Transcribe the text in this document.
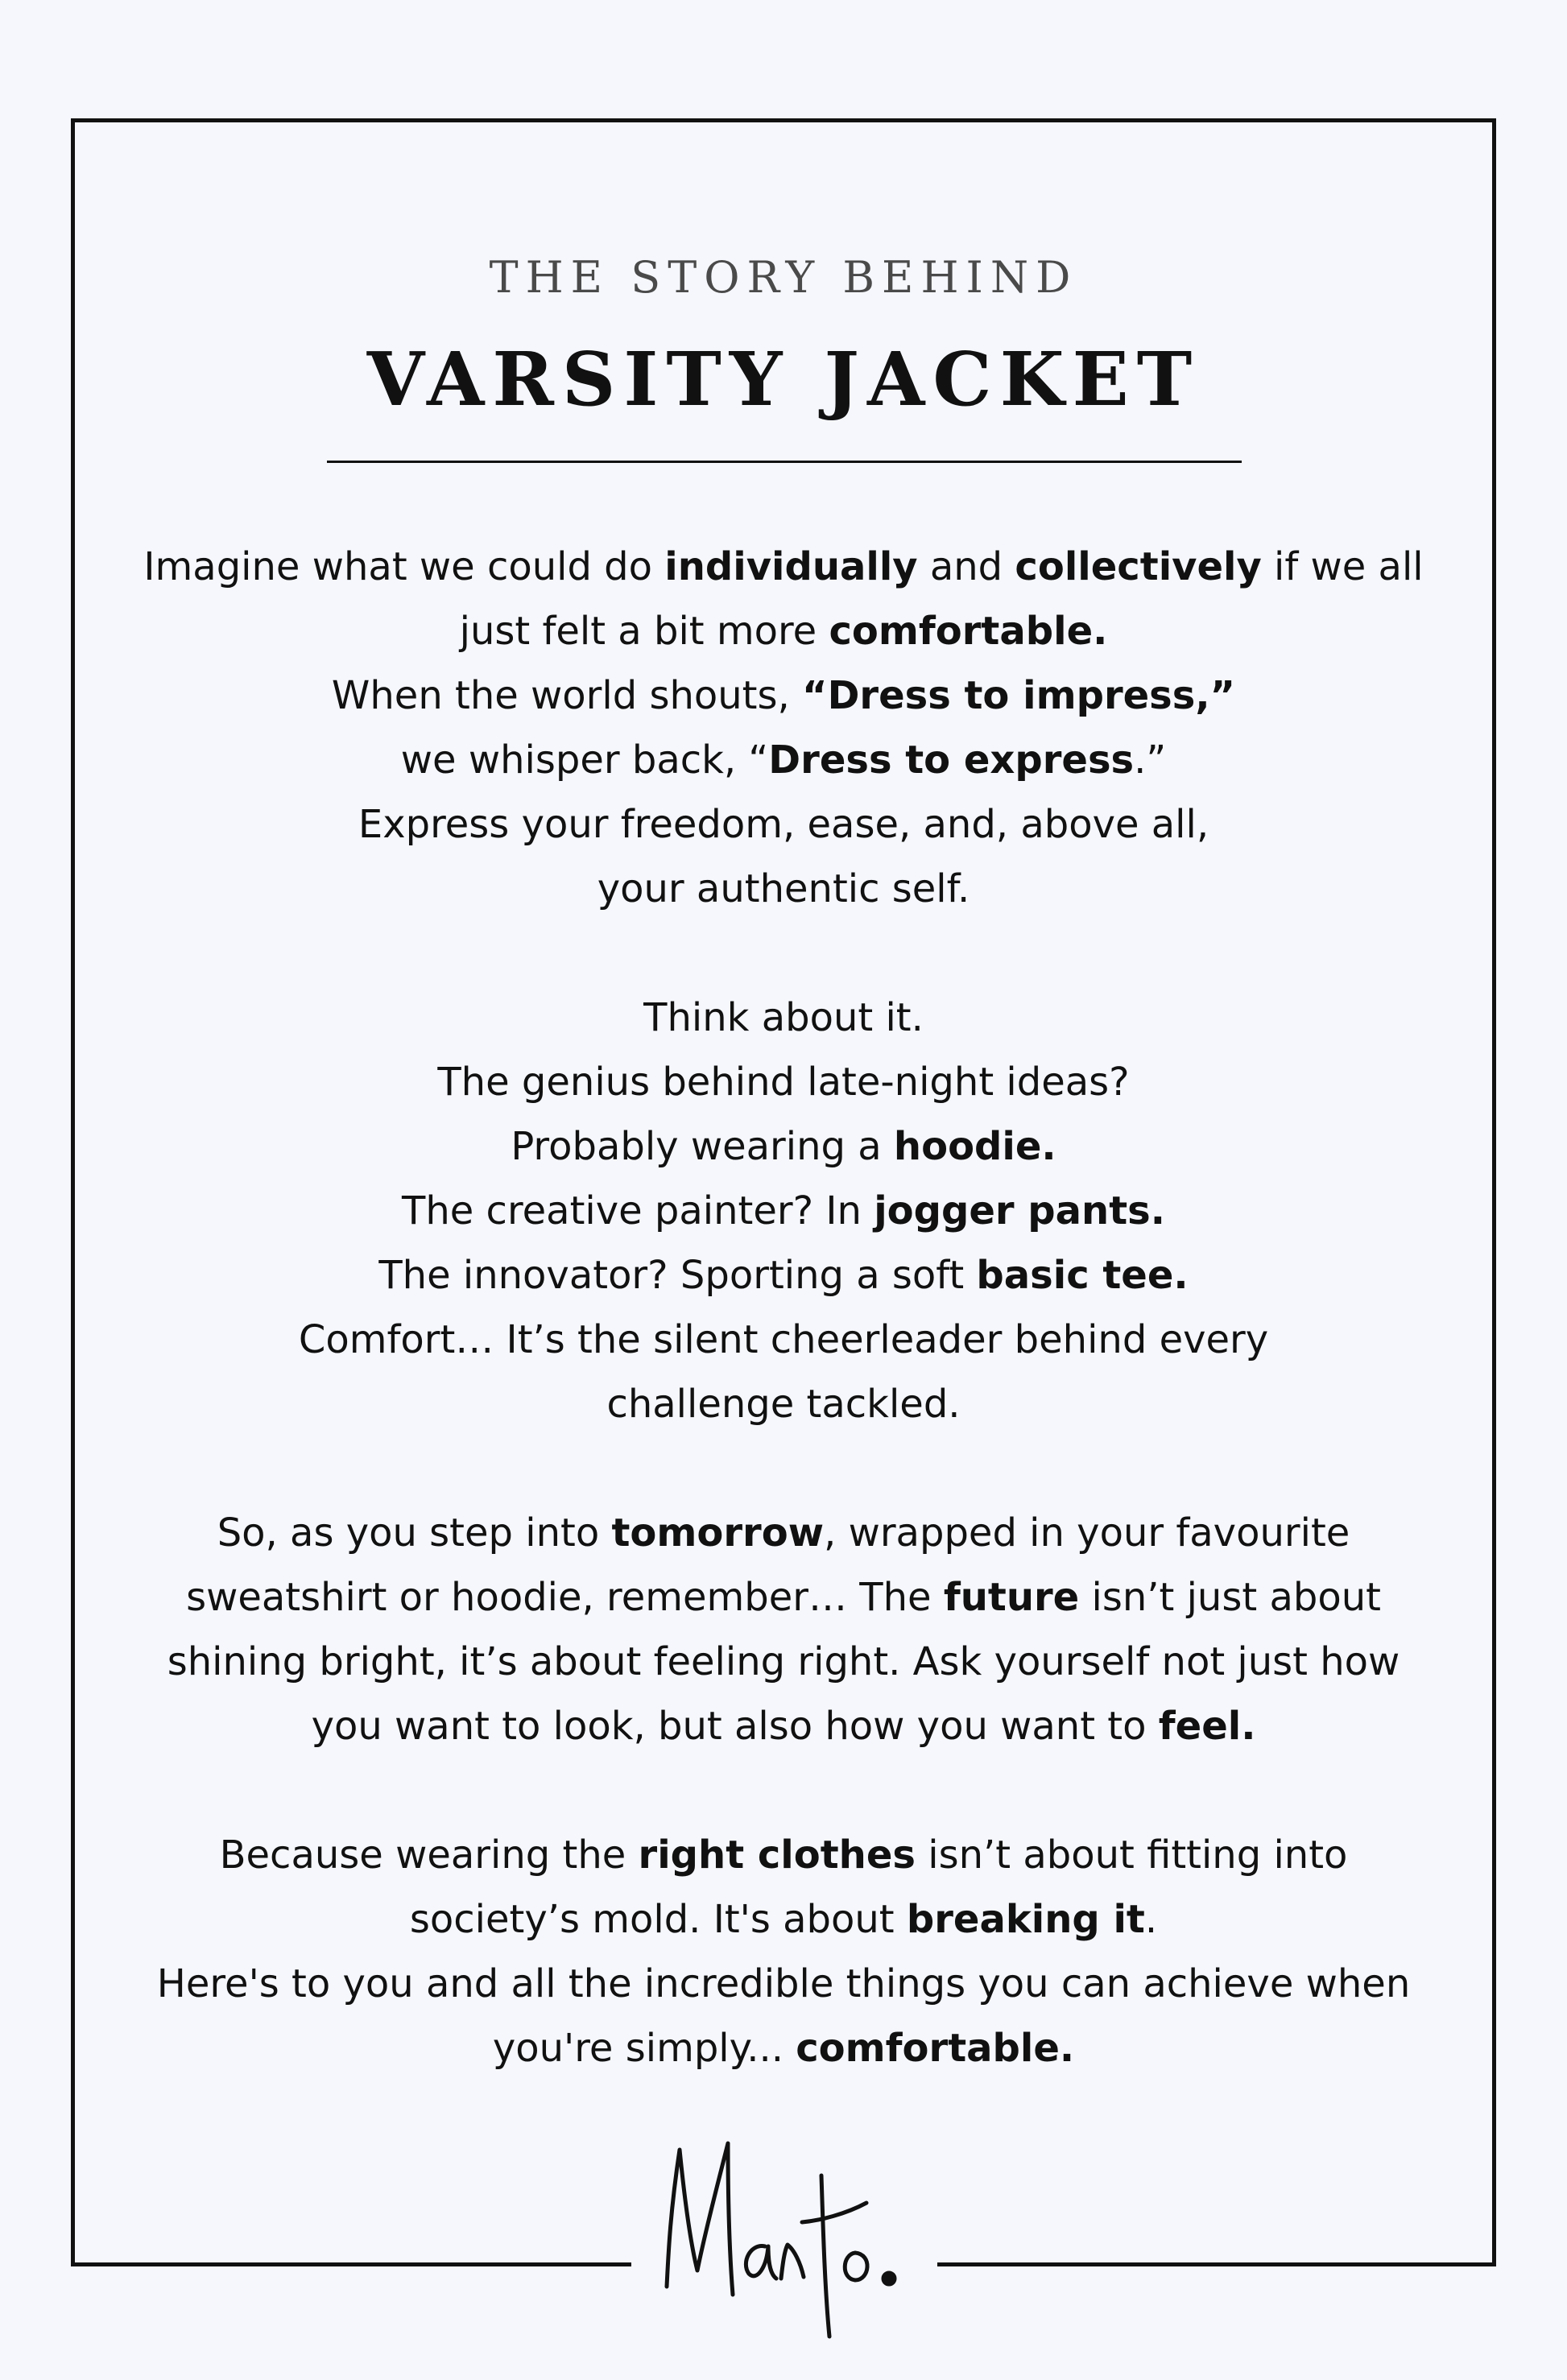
THE STORY BEHIND
VARSITY JACKET

Imagine what we could do individually and collectively if we all
just felt a bit more comfortable.
When the world shouts, “Dress to impress,”
we whisper back, “Dress to express.”
Express your freedom, ease, and, above all,
your authentic self.

Think about it.
The genius behind late-night ideas?
Probably wearing a hoodie.
The creative painter? In jogger pants.
The innovator? Sporting a soft basic tee.
Comfort… It’s the silent cheerleader behind every
challenge tackled.

So, as you step into tomorrow, wrapped in your favourite
sweatshirt or hoodie, remember… The future isn’t just about
shining bright, it’s about feeling right. Ask yourself not just how
you want to look, but also how you want to feel.

Because wearing the right clothes isn’t about fitting into
society’s mold. It's about breaking it.
Here's to you and all the incredible things you can achieve when
you're simply... comfortable.
